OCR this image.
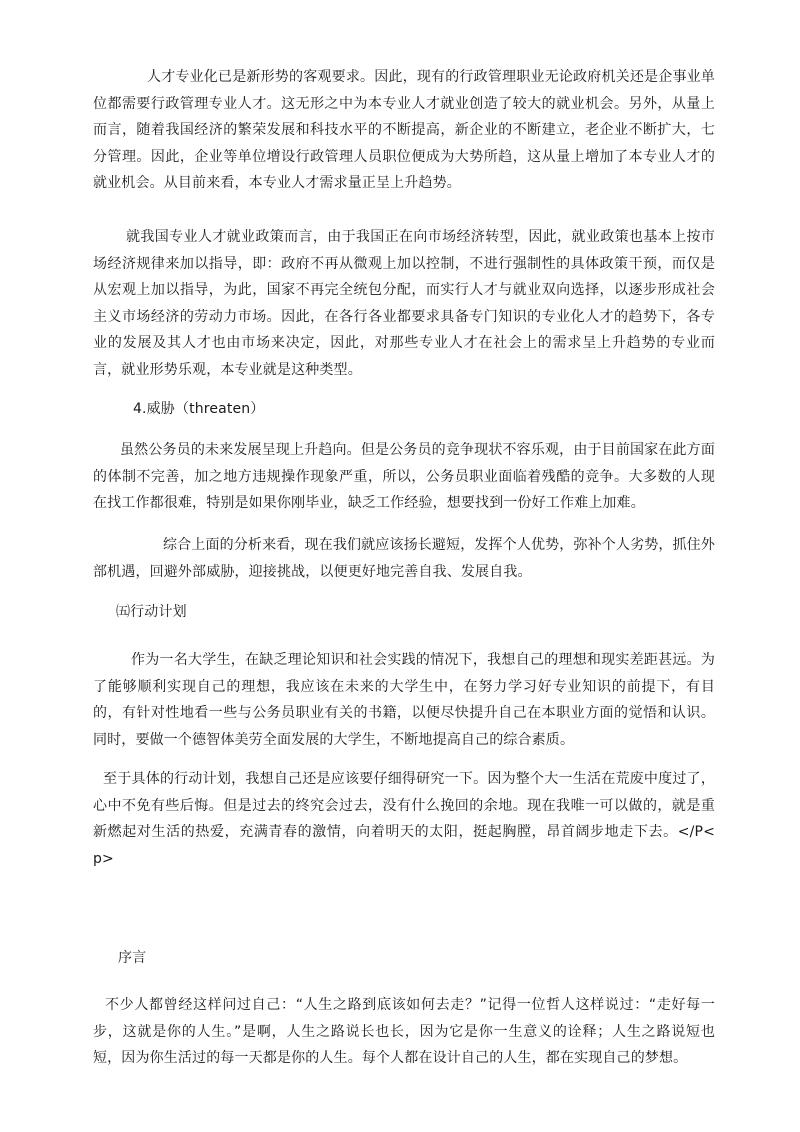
人才专业化已是新形势的客观要求。因此，现有的行政管理职业无论政府机关还是企事业单位都需要行政管理专业人才。这无形之中为本专业人才就业创造了较大的就业机会。另外，从量上而言，随着我国经济的繁荣发展和科技水平的不断提高，新企业的不断建立，老企业不断扩大，七分管理。因此，企业等单位增设行政管理人员职位便成为大势所趋，这从量上增加了本专业人才的就业机会。从目前来看，本专业人才需求量正呈上升趋势。

就我国专业人才就业政策而言，由于我国正在向市场经济转型，因此，就业政策也基本上按市场经济规律来加以指导，即：政府不再从微观上加以控制，不进行强制性的具体政策干预，而仅是从宏观上加以指导，为此，国家不再完全统包分配，而实行人才与就业双向选择，以逐步形成社会主义市场经济的劳动力市场。因此，在各行各业都要求具备专门知识的专业化人才的趋势下，各专业的发展及其人才也由市场来决定，因此，对那些专业人才在社会上的需求呈上升趋势的专业而言，就业形势乐观，本专业就是这种类型。

4.威胁（threaten）

虽然公务员的未来发展呈现上升趋向。但是公务员的竞争现状不容乐观，由于目前国家在此方面的体制不完善，加之地方违规操作现象严重，所以，公务员职业面临着残酷的竞争。大多数的人现在找工作都很难，特别是如果你刚毕业，缺乏工作经验，想要找到一份好工作难上加难。

综合上面的分析来看，现在我们就应该扬长避短，发挥个人优势，弥补个人劣势，抓住外部机遇，回避外部威胁，迎接挑战，以便更好地完善自我、发展自我。

㈤行动计划

作为一名大学生，在缺乏理论知识和社会实践的情况下，我想自己的理想和现实差距甚远。为了能够顺利实现自己的理想，我应该在未来的大学生中，在努力学习好专业知识的前提下，有目的，有针对性地看一些与公务员职业有关的书籍，以便尽快提升自己在本职业方面的觉悟和认识。同时，要做一个德智体美劳全面发展的大学生，不断地提高自己的综合素质。

至于具体的行动计划，我想自己还是应该要仔细得研究一下。因为整个大一生活在荒废中度过了，心中不免有些后悔。但是过去的终究会过去，没有什么挽回的余地。现在我唯一可以做的，就是重新燃起对生活的热爱，充满青春的激情，向着明天的太阳，挺起胸膛，昂首阔步地走下去。</P< p>

序言

不少人都曾经这样问过自己：“人生之路到底该如何去走？”记得一位哲人这样说过：“走好每一步，这就是你的人生。”是啊，人生之路说长也长，因为它是你一生意义的诠释；人生之路说短也短，因为你生活过的每一天都是你的人生。每个人都在设计自己的人生，都在实现自己的梦想。
